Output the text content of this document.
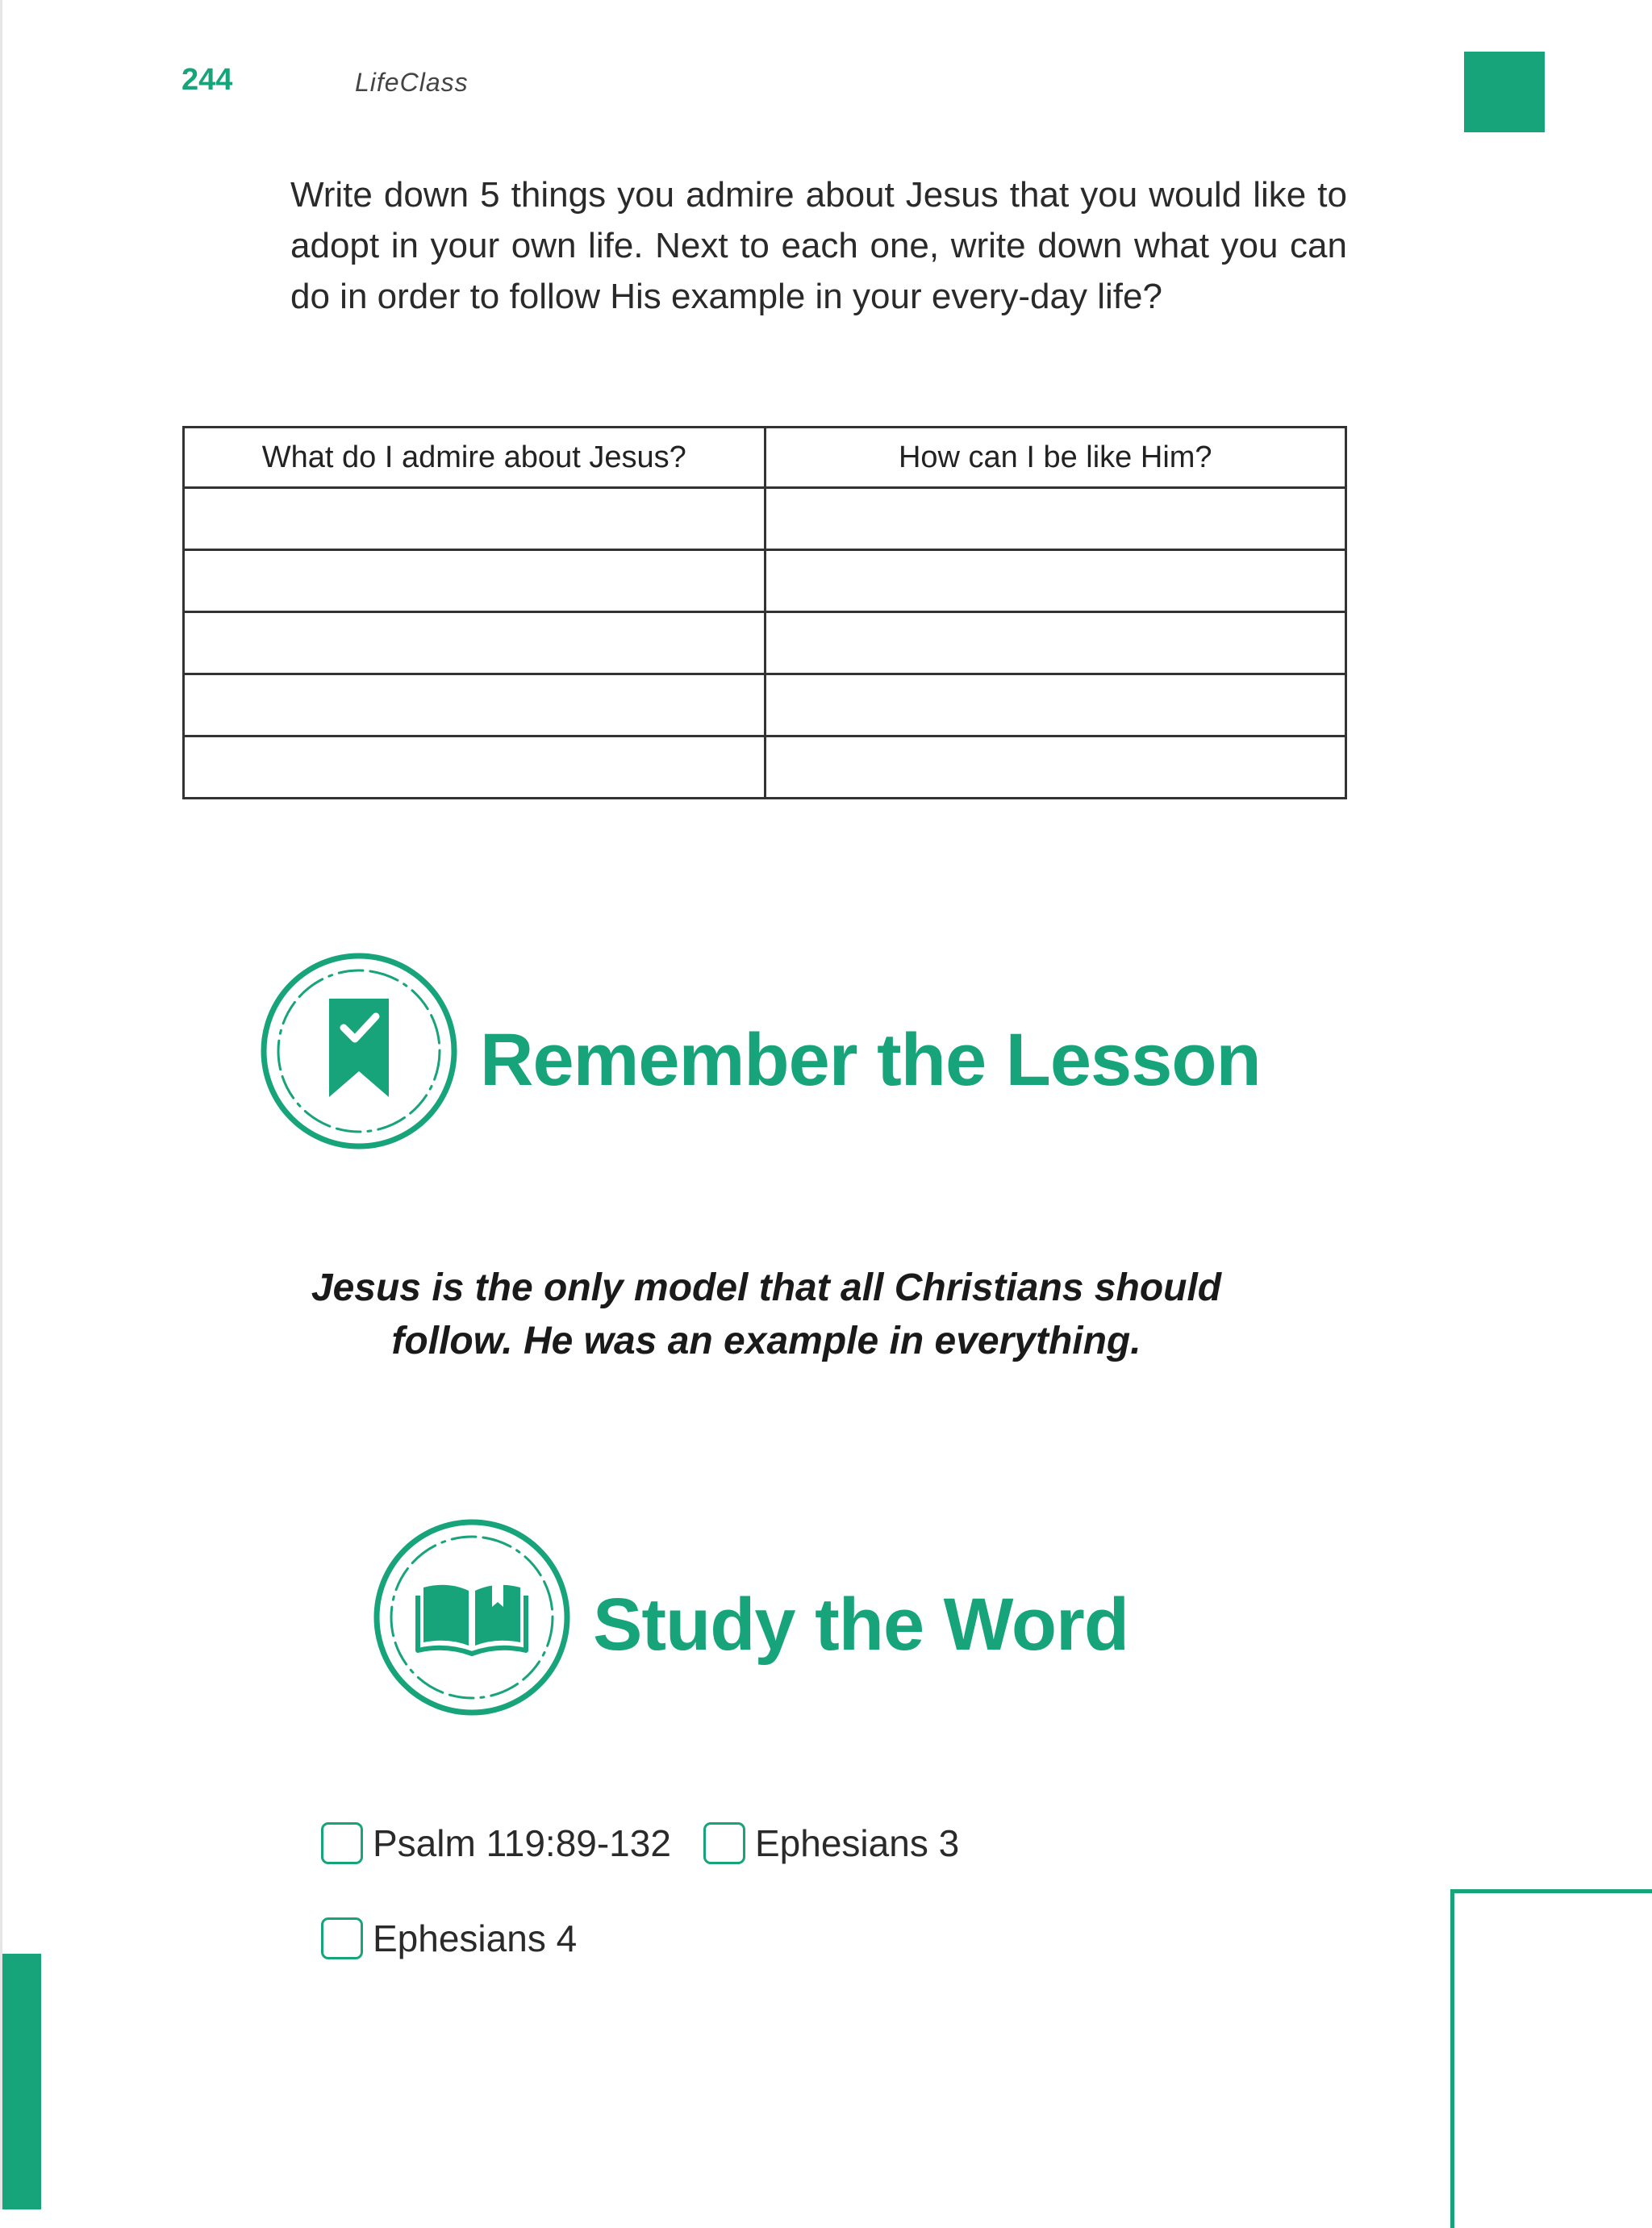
244	LifeClass
Write down 5 things you admire about Jesus that you would like to adopt in your own life. Next to each one, write down what you can do in order to follow His example in your every-day life?
What do I admire about Jesus?	How can I be like Him?

Remember the Lesson
Jesus is the only model that all Christians should
follow. He was an example in everything.
Study the Word
Psalm 119:89-132 Ephesians 3
Ephesians 4
